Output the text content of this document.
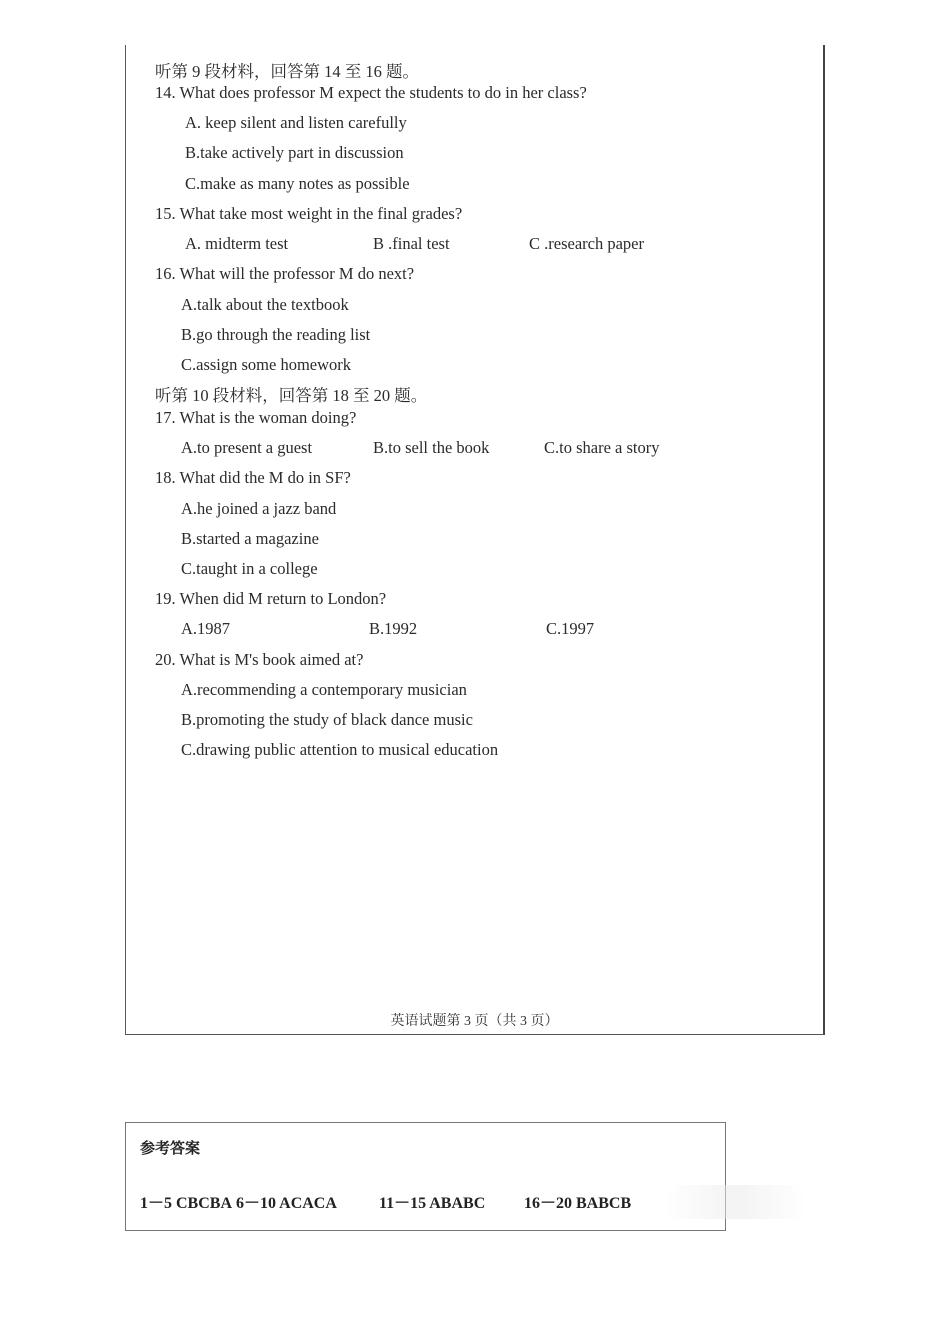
听第 9 段材料，回答第 14 至 16 题。
14. What does professor M expect the students to do in her class?
A. keep silent and listen carefully
B.take actively part in discussion
C.make as many notes as possible
15. What take most weight in the final grades?
A. midterm test	B .final test	C .research paper
16. What will the professor M do next?
A.talk about the textbook
B.go through the reading list
C.assign some homework
听第 10 段材料，回答第 18 至 20 题。
17. What is the woman doing?
A.to present a guest	B.to sell the book	C.to share a story
18. What did the M do in SF?
A.he joined a jazz band
B.started a magazine
C.taught in a college
19. When did M return to London?
A.1987	B.1992	C.1997
20. What is M's book aimed at?
A.recommending a contemporary musician
B.promoting the study of black dance music
C.drawing public attention to musical education
英语试题第 3 页（共 3 页）
参考答案
1－5 CBCBA 6－10 ACACA	11－15 ABABC 16－20 BABCB
